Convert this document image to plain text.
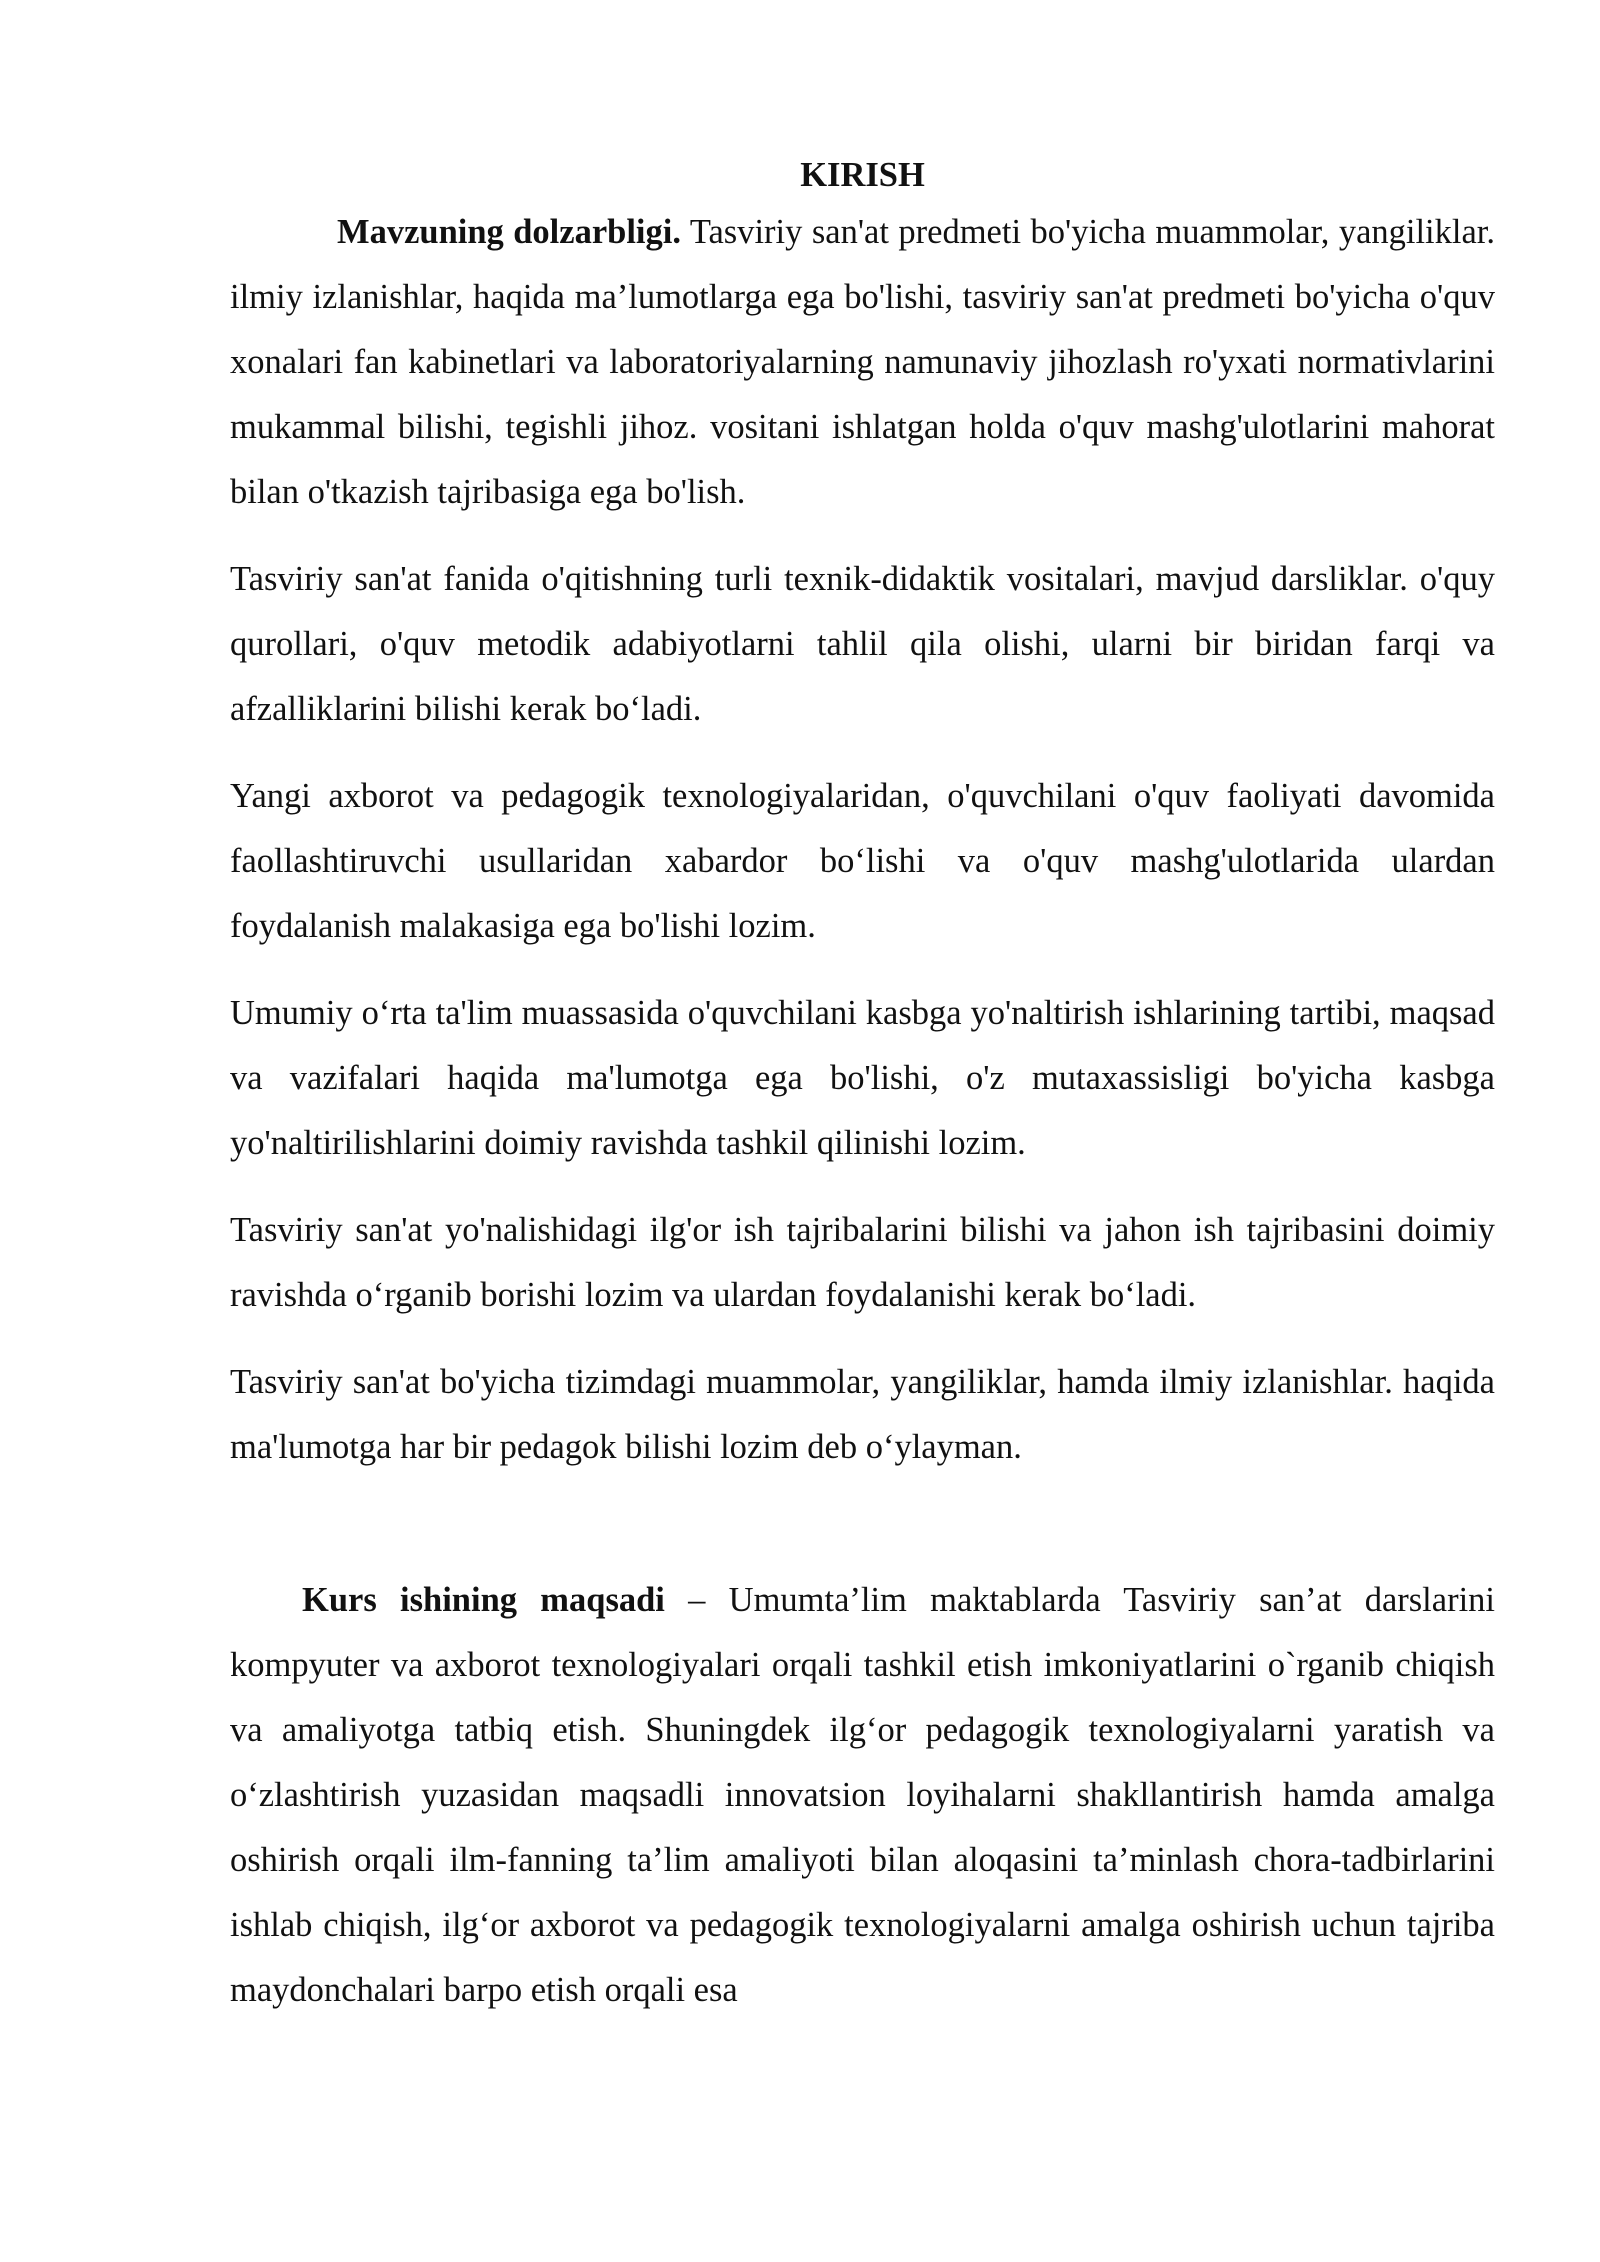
KIRISH

Mavzuning dolzarbligi. Tasviriy san'at predmeti bo'yicha muammolar, yangiliklar. ilmiy izlanishlar, haqida ma’lumotlarga ega bo'lishi, tasviriy san'at predmeti bo'yicha o'quv xonalari fan kabinetlari va laboratoriyalarning namunaviy jihozlash ro'yxati normativlarini mukammal bilishi, tegishli jihoz. vositani ishlatgan holda o'quv mashg'ulotlarini mahorat bilan o'tkazish tajribasiga ega bo'lish.

Tasviriy san'at fanida o'qitishning turli texnik-didaktik vositalari, mavjud darsliklar. o'quy qurollari, o'quv metodik adabiyotlarni tahlil qila olishi, ularni bir biridan farqi va afzalliklarini bilishi kerak boʻladi.

Yangi axborot va pedagogik texnologiyalaridan, o'quvchilani o'quv faoliyati davomida faollashtiruvchi usullaridan xabardor boʻlishi va o'quv mashg'ulotlarida ulardan foydalanish malakasiga ega bo'lishi lozim.

Umumiy oʻrta ta'lim muassasida o'quvchilani kasbga yo'naltirish ishlarining tartibi, maqsad va vazifalari haqida ma'lumotga ega bo'lishi, o'z mutaxassisligi bo'yicha kasbga yo'naltirilishlarini doimiy ravishda tashkil qilinishi lozim.

Tasviriy san'at yo'nalishidagi ilg'or ish tajribalarini bilishi va jahon ish tajribasini doimiy ravishda oʻrganib borishi lozim va ulardan foydalanishi kerak boʻladi.

Tasviriy san'at bo'yicha tizimdagi muammolar, yangiliklar, hamda ilmiy izlanishlar. haqida ma'lumotga har bir pedagok bilishi lozim deb oʻylayman.

Kurs ishining maqsadi – Umumta’lim maktablarda Tasviriy san’at darslarini kompyuter va axborot texnologiyalari orqali tashkil etish imkoniyatlarini o`rganib chiqish va amaliyotga tatbiq etish. Shuningdek ilgʻor pedagogik texnologiyalarni yaratish va oʻzlashtirish yuzasidan maqsadli innovatsion loyihalarni shakllantirish hamda amalga oshirish orqali ilm-fanning ta’lim amaliyoti bilan aloqasini ta’minlash chora-tadbirlarini ishlab chiqish, ilgʻor axborot va pedagogik texnologiyalarni amalga oshirish uchun tajriba maydonchalari barpo etish orqali esa
